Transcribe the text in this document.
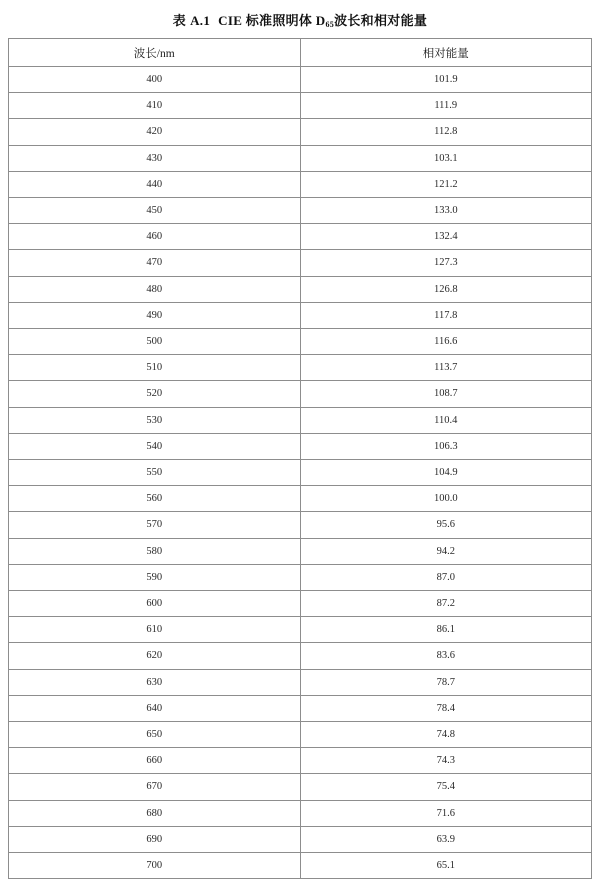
表 A.1 CIE 标准照明体 $D_{65}$波长和相对能量
波长/nm	相对能量
400	101.9
410	111.9
420	112.8
430	103.1
440	121.2
450	133.0
460	132.4
470	127.3
480	126.8
490	117.8
500	116.6
510	113.7
520	108.7
530	110.4
540	106.3
550	104.9
560	100.0
570	95.6
580	94.2
590	87.0
600	87.2
610	86.1
620	83.6
630	78.7
640	78.4
650	74.8
660	74.3
670	75.4
680	71.6
690	63.9
700	65.1
